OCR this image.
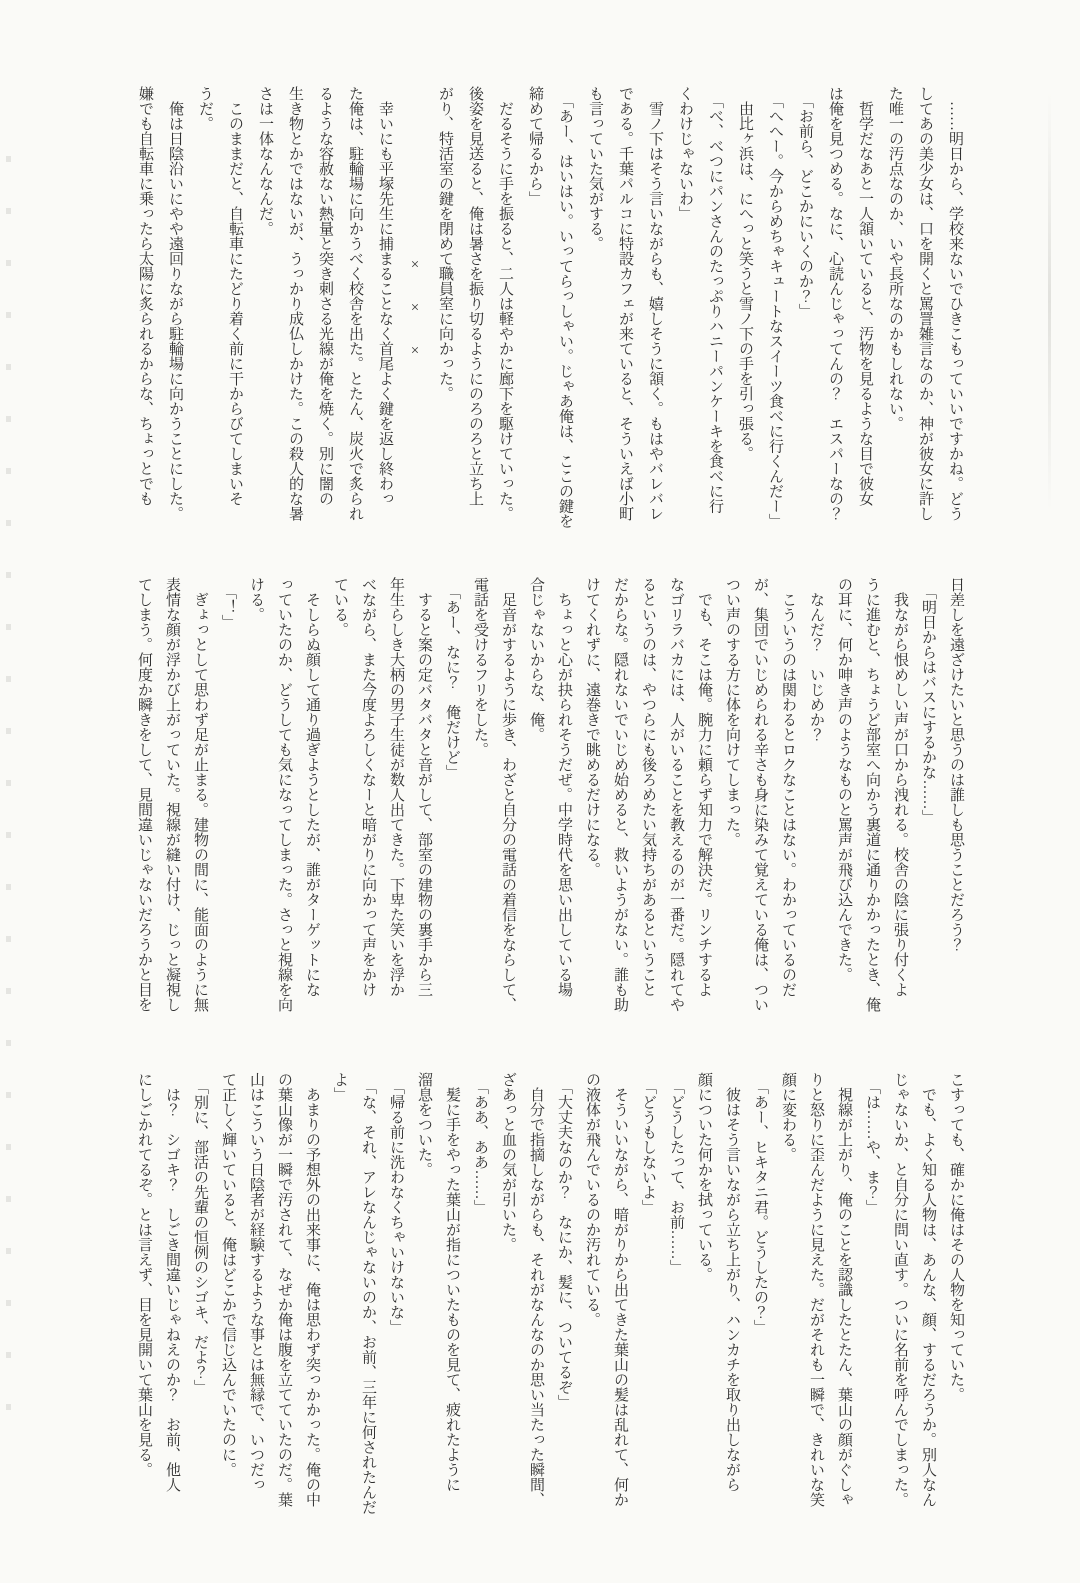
　……明日から、学校来ないでひきこもっていいですかね。どう

してあの美少女は、口を開くと罵詈雑言なのか、神が彼女に許し

た唯一の汚点なのか、いや長所なのかもしれない。

　哲学だなあと一人頷いていると、汚物を見るような目で彼女

は俺を見つめる。なに、心読んじゃってんの？　エスパーなの？

　「お前ら、どこかにいくのか？」

　「へへー。今からめちゃキュートなスイーツ食べに行くんだー」

　由比ヶ浜は、にへっと笑うと雪ノ下の手を引っ張る。

　「べ、べつにパンさんのたっぷりハニーパンケーキを食べに行

くわけじゃないわ」

　雪ノ下はそう言いながらも、嬉しそうに頷く。もはやバレバレ

である。千葉パルコに特設カフェが来ていると、そういえば小町

も言っていた気がする。

　「あー、はいはい。いってらっしゃい。じゃあ俺は、ここの鍵を

締めて帰るから」

　だるそうに手を振ると、二人は軽やかに廊下を駆けていった。

後姿を見送ると、俺は暑さを振り切るようにのろのろと立ち上

がり、特活室の鍵を閉めて職員室に向かった。

×　×　×

　幸いにも平塚先生に捕まることなく首尾よく鍵を返し終わっ

た俺は、駐輪場に向かうべく校舎を出た。とたん、炭火で炙られ

るような容赦ない熱量と突き刺さる光線が俺を焼く。別に闇の

生き物とかではないが、うっかり成仏しかけた。この殺人的な暑

さは一体なんなんだ。

　このままだと、自転車にたどり着く前に干からびてしまいそ

うだ。

　俺は日陰沿いにやや遠回りながら駐輪場に向かうことにした。

嫌でも自転車に乗ったら太陽に炙られるからな、ちょっとでも

日差しを遠ざけたいと思うのは誰しも思うことだろう？

　「明日からはバスにするかな……」

　我ながら恨めしい声が口から洩れる。校舎の陰に張り付くよ

うに進むと、ちょうど部室へ向かう裏道に通りかかったとき、俺

の耳に、何か呻き声のようなものと罵声が飛び込んできた。

　なんだ？　いじめか？

　こういうのは関わるとロクなことはない。わかっているのだ

が、集団でいじめられる辛さも身に染みて覚えている俺は、つい

つい声のする方に体を向けてしまった。

　でも、そこは俺。腕力に頼らず知力で解決だ。リンチするよ

なゴリラバカには、人がいることを教えるのが一番だ。隠れてや

るというのは、やつらにも後ろめたい気持ちがあるということ

だからな。隠れないでいじめ始めると、救いようがない。誰も助

けてくれずに、遠巻きで眺めるだけになる。

　ちょっと心が抉られそうだぜ。中学時代を思い出している場

合じゃないからな、俺。

　足音がするように歩き、わざと自分の電話の着信をならして、

電話を受けるフリをした。

　「あー、なに？　俺だけど」

　すると案の定バタバタと音がして、部室の建物の裏手から三

年生らしき大柄の男子生徒が数人出てきた。下卑た笑いを浮か

べながら、また今度よろしくなーと暗がりに向かって声をかけ

ている。

　そしらぬ顔して通り過ぎようとしたが、誰がターゲットにな

っていたのか、どうしても気になってしまった。さっと視線を向

ける。

　「！」

　ぎょっとして思わず足が止まる。建物の間に、能面のように無

表情な顔が浮かび上がっていた。視線が縫い付け、じっと凝視し

てしまう。何度か瞬きをして、見間違いじゃないだろうかと目を

こすっても、確かに俺はその人物を知っていた。

　でも、よく知る人物は、あんな、顔、するだろうか。別人なん

じゃないか、と自分に問い直す。ついに名前を呼んでしまった。

　「は……や、ま？」

　視線が上がり、俺のことを認識したとたん、葉山の顔がぐしゃ

りと怒りに歪んだように見えた。だがそれも一瞬で、きれいな笑

顔に変わる。

　「あー、ヒキタニ君。どうしたの？」

　彼はそう言いながら立ち上がり、ハンカチを取り出しながら

顔についた何かを拭っている。

　「どうしたって、お前……」

　「どうもしないよ」

　そういいながら、暗がりから出てきた葉山の髪は乱れて、何か

の液体が飛んでいるのか汚れている。

　「大丈夫なのか？　なにか、髪に、ついてるぞ」

　自分で指摘しながらも、それがなんなのか思い当たった瞬間、

ざあっと血の気が引いた。

　「ああ、ああ……」

　髪に手をやった葉山が指についたものを見て、疲れたように

溜息をついた。

　「帰る前に洗わなくちゃいけないな」

　「な、それ、アレなんじゃないのか、お前、三年に何されたんだ

よ」

　あまりの予想外の出来事に、俺は思わず突っかかった。俺の中

の葉山像が一瞬で汚されて、なぜか俺は腹を立てていたのだ。葉

山はこういう日陰者が経験するような事とは無縁で、いつだっ

て正しく輝いていると、俺はどこかで信じ込んでいたのに。

　「別に、部活の先輩の恒例のシゴキ、だよ？」

　は？　シゴキ？　しごき間違いじゃねえのか？　お前、他人

にしごかれてるぞ。とは言えず、目を見開いて葉山を見る。
